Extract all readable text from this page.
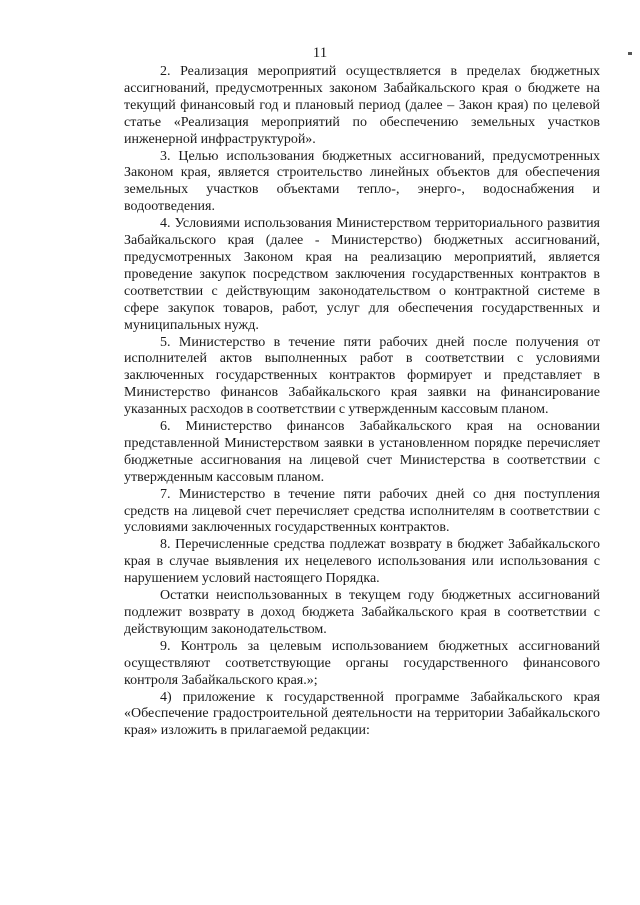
11

2. Реализация мероприятий осуществляется в пределах бюджетных ассигнований, предусмотренных законом Забайкальского края о бюджете на текущий финансовый год и плановый период (далее – Закон края) по целевой статье «Реализация мероприятий по обеспечению земельных участков инженерной инфраструктурой».

3. Целью использования бюджетных ассигнований, предусмотренных Законом края, является строительство линейных объектов для обеспечения земельных участков объектами тепло-, энерго-, водоснабжения и водоотведения.

4. Условиями использования Министерством территориального развития Забайкальского края (далее - Министерство) бюджетных ассигнований, предусмотренных Законом края на реализацию мероприятий, является проведение закупок посредством заключения государственных контрактов в соответствии с действующим законодательством о контрактной системе в сфере закупок товаров, работ, услуг для обеспечения государственных и муниципальных нужд.

5. Министерство в течение пяти рабочих дней после получения от исполнителей актов выполненных работ в соответствии с условиями заключенных государственных контрактов формирует и представляет в Министерство финансов Забайкальского края заявки на финансирование указанных расходов в соответствии с утвержденным кассовым планом.

6. Министерство финансов Забайкальского края на основании представленной Министерством заявки в установленном порядке перечисляет бюджетные ассигнования на лицевой счет Министерства в соответствии с утвержденным кассовым планом.

7. Министерство в течение пяти рабочих дней со дня поступления средств на лицевой счет перечисляет средства исполнителям в соответствии с условиями заключенных государственных контрактов.

8. Перечисленные средства подлежат возврату в бюджет Забайкальского края в случае выявления их нецелевого использования или использования с нарушением условий настоящего Порядка.

Остатки неиспользованных в текущем году бюджетных ассигнований подлежит возврату в доход бюджета Забайкальского края в соответствии с действующим законодательством.

9. Контроль за целевым использованием бюджетных ассигнований осуществляют соответствующие органы государственного финансового контроля Забайкальского края.»;

4) приложение к государственной программе Забайкальского края «Обеспечение градостроительной деятельности на территории Забайкальского края» изложить в прилагаемой редакции:
